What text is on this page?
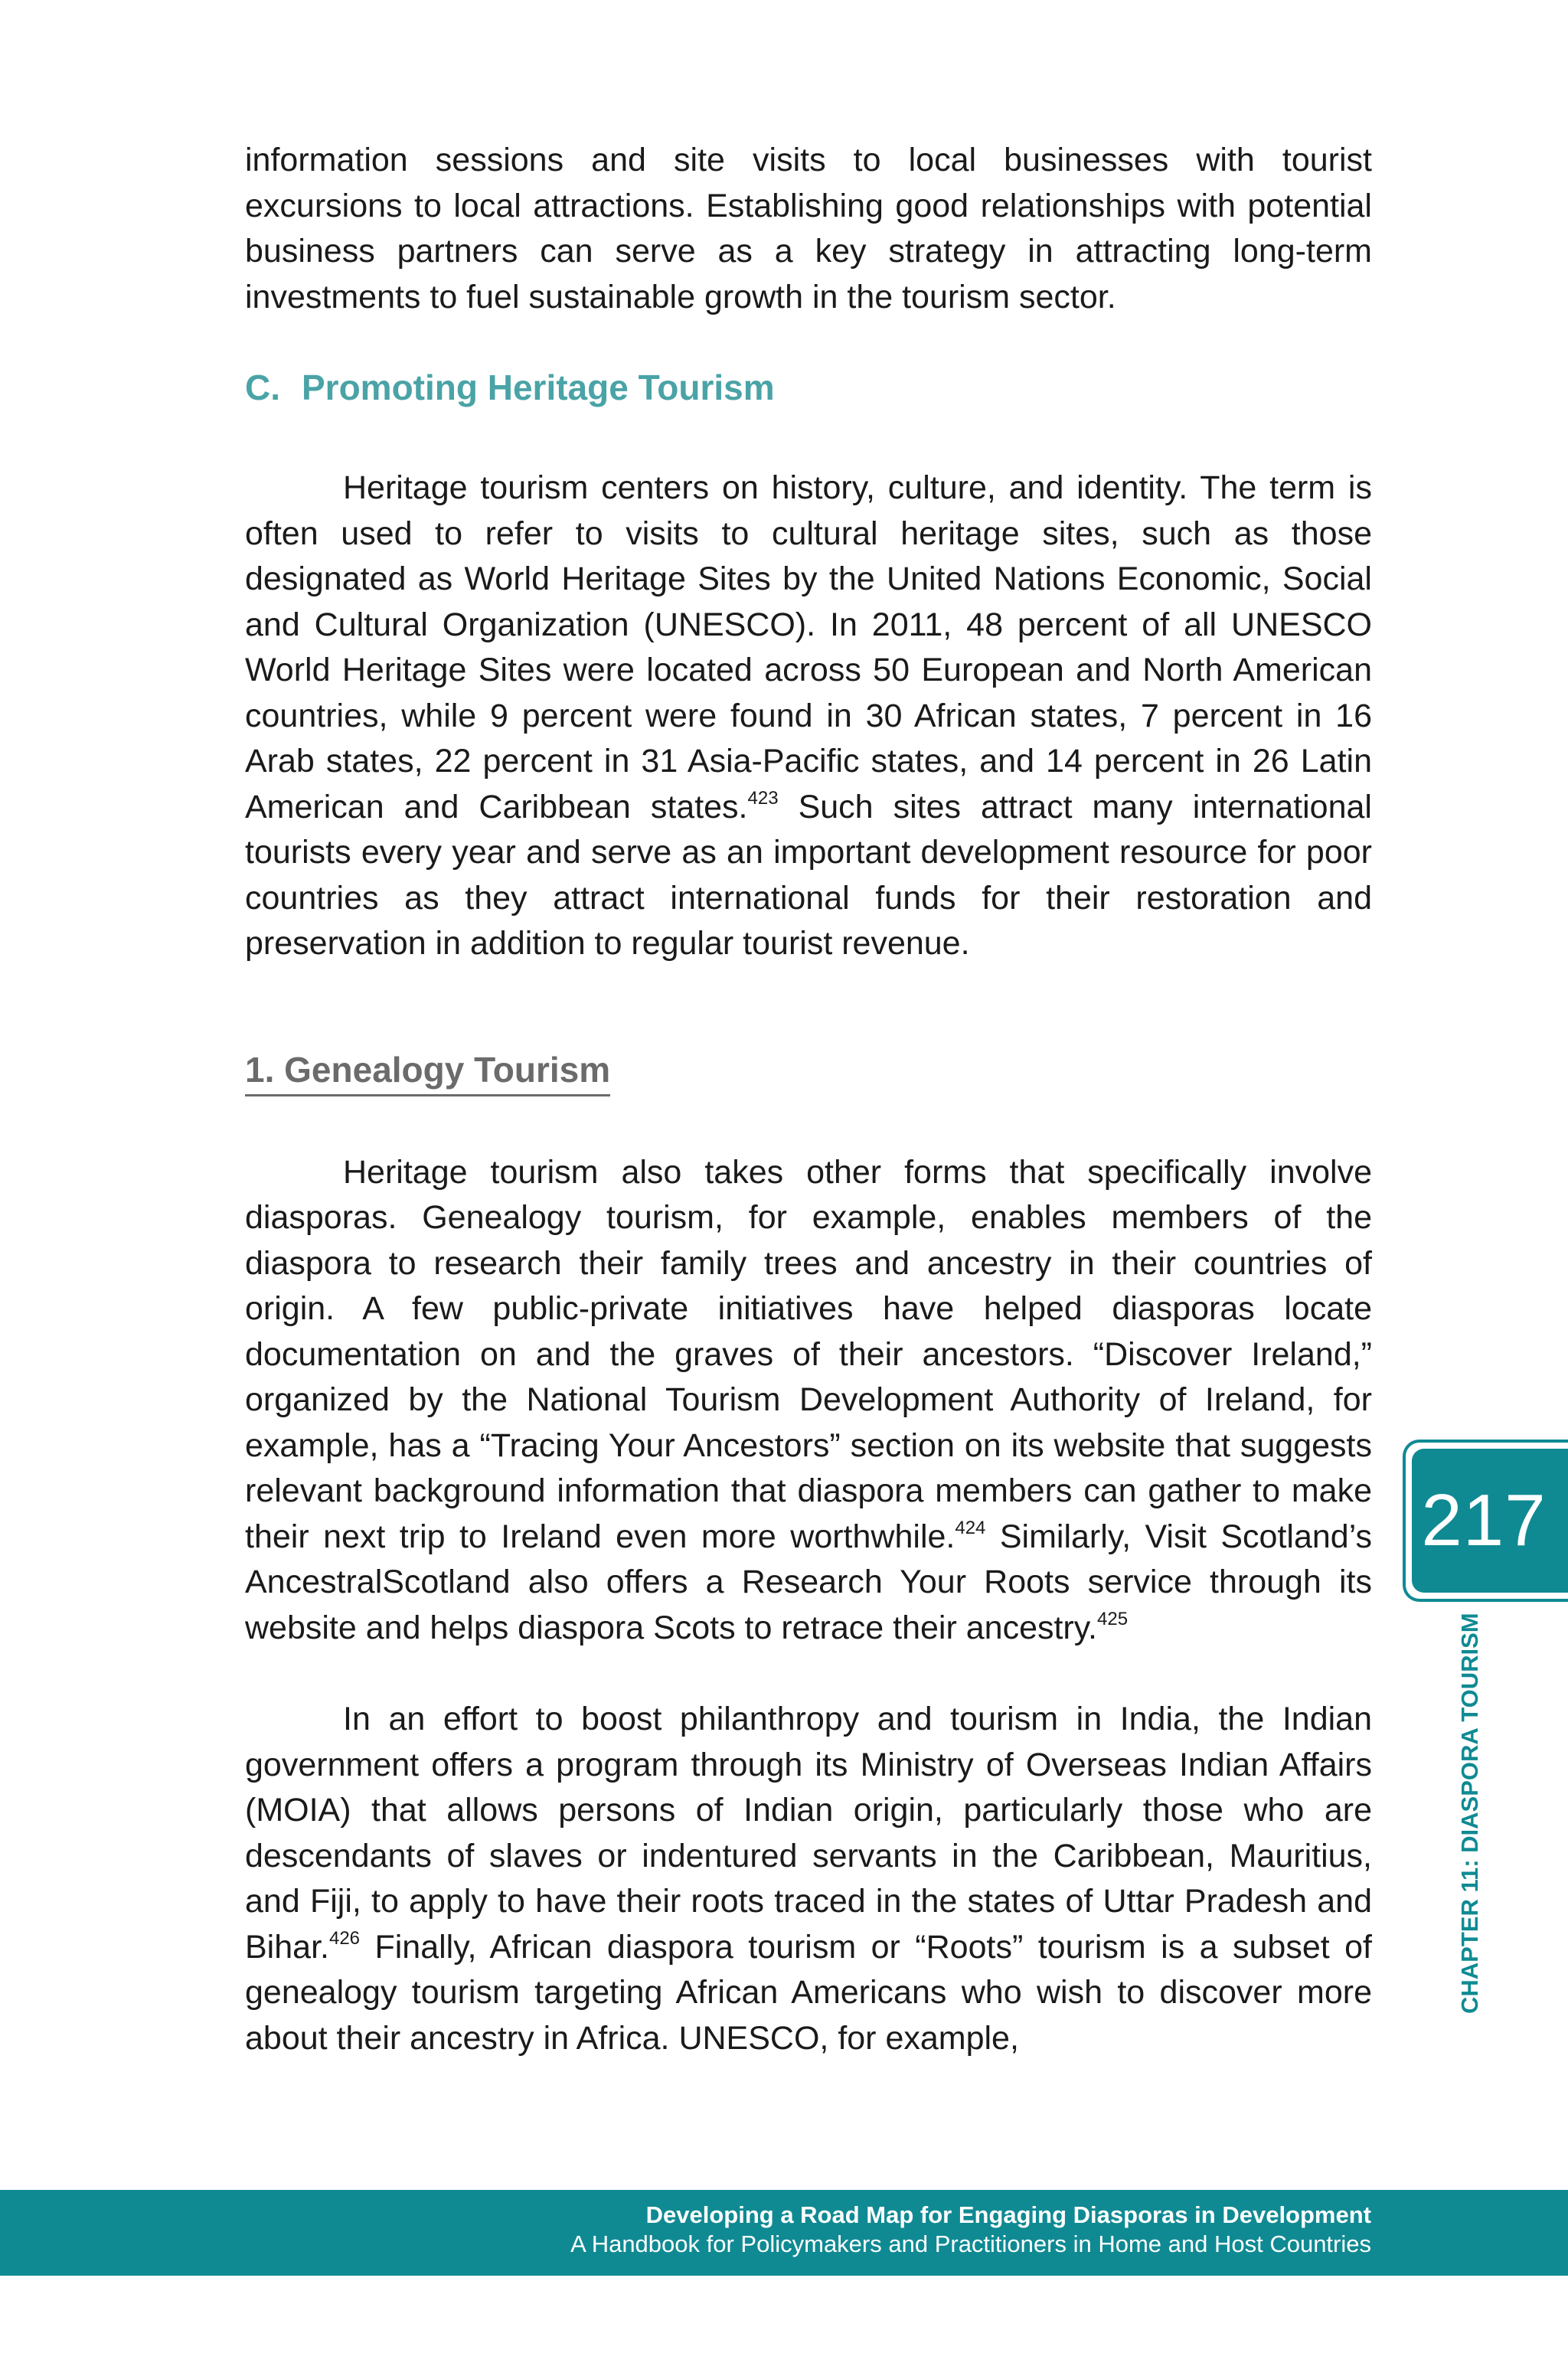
information sessions and site visits to local businesses with tourist excursions to local attractions. Establishing good relationships with potential business partners can serve as a key strategy in attracting long-term investments to fuel sustainable growth in the tourism sector.

C. Promoting Heritage Tourism

Heritage tourism centers on history, culture, and identity. The term is often used to refer to visits to cultural heritage sites, such as those designated as World Heritage Sites by the United Nations Economic, Social and Cultural Organization (UNESCO). In 2011, 48 percent of all UNESCO World Heritage Sites were located across 50 European and North American countries, while 9 percent were found in 30 African states, 7 percent in 16 Arab states, 22 percent in 31 Asia-Pacific states, and 14 percent in 26 Latin American and Caribbean states.$^{423}$ Such sites attract many international tourists every year and serve as an important development resource for poor countries as they attract international funds for their restoration and preservation in addition to regular tourist revenue.

1. Genealogy Tourism

Heritage tourism also takes other forms that specifically involve diasporas. Genealogy tourism, for example, enables members of the diaspora to research their family trees and ancestry in their countries of origin. A few public-private initiatives have helped diasporas locate documentation on and the graves of their ancestors. “Discover Ireland,” organized by the National Tourism Development Authority of Ireland, for example, has a “Tracing Your Ancestors” section on its website that suggests relevant background information that diaspora members can gather to make their next trip to Ireland even more worthwhile.$^{424}$ Similarly, Visit Scotland’s AncestralScotland also offers a Research Your Roots service through its website and helps diaspora Scots to retrace their ancestry.$^{425}$

In an effort to boost philanthropy and tourism in India, the Indian government offers a program through its Ministry of Overseas Indian Affairs (MOIA) that allows persons of Indian origin, particularly those who are descendants of slaves or indentured servants in the Caribbean, Mauritius, and Fiji, to apply to have their roots traced in the states of Uttar Pradesh and Bihar.$^{426}$ Finally, African diaspora tourism or “Roots” tourism is a subset of genealogy tourism targeting African Americans who wish to discover more about their ancestry in Africa. UNESCO, for example,

217
CHAPTER 11: DIASPORA TOURISM
Developing a Road Map for Engaging Diasporas in Development
A Handbook for Policymakers and Practitioners in Home and Host Countries
